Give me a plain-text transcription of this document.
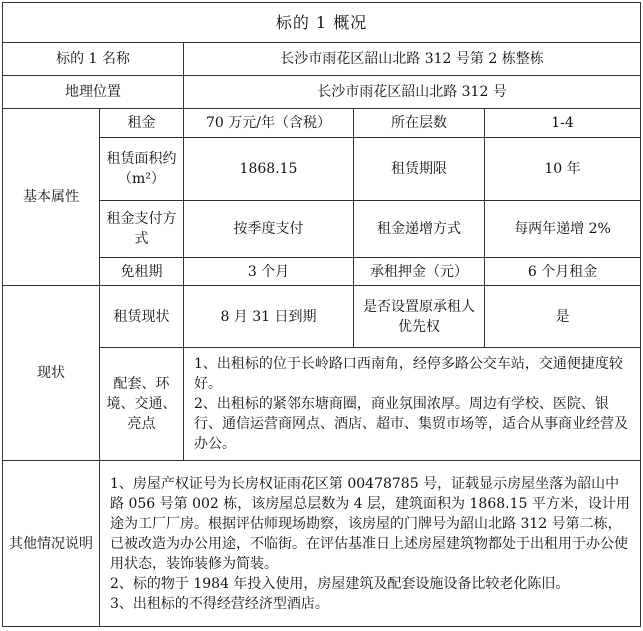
标的 1 概况				
标的 1 名称		长沙市雨花区韶山北路 312 号第 2 栋整栋		
地理位置		长沙市雨花区韶山北路 312 号		
基本属性	租金	70 万元/年（含税）	所在层数	1-4
	租赁面积约（m²）	1868.15	租赁期限	10 年
	租金支付方式	按季度支付	租金递增方式	每两年递增 2%
	免租期	3 个月	承租押金（元）	6 个月租金
现状	租赁现状	8 月 31 日到期	是否设置原承租人优先权	是
	配套、环境、交通、亮点	1、出租标的位于长岭路口西南角，经停多路公交车站，交通便捷度较好。

2、出租标的紧邻东塘商圈，商业氛围浓厚。周边有学校、医院、银行、通信运营商网点、酒店、超市、集贸市场等，适合从事商业经营及办公。		

其他情况说明	1、房屋产权证号为长房权证雨花区第 00478785 号，证载显示房屋坐落为韶山中路 056 号第 002 栋，该房屋总层数为 4 层，建筑面积为 1868.15 平方米，设计用途为工厂厂房。根据评估师现场勘察，该房屋的门牌号为韶山北路 312 号第二栋，已被改造为办公用途，不临街。在评估基准日上述房屋建筑物都处于出租用于办公使用状态，装饰装修为简装。

2、标的物于 1984 年投入使用，房屋建筑及配套设施设备比较老化陈旧。

3、出租标的不得经营经济型酒店。			
